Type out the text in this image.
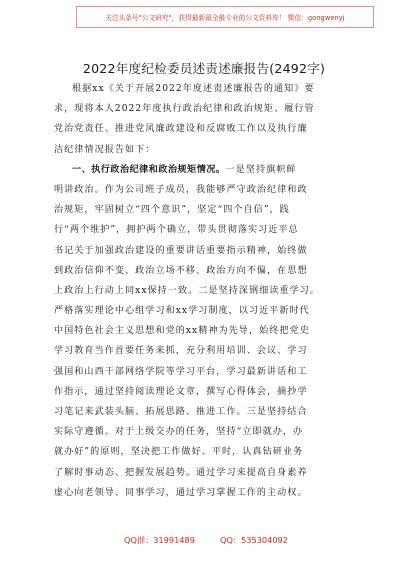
关注头条号"公文研究"，获得最新最全最专业的公文资料库！ 微信：gongwenyj
2022年度纪检委员述责述廉报告(2492字)
根据xx《关于开展2022年度述责述廉报告的通知》要
求，现将本人2022年度执行政治纪律和政治规矩、履行管
党治党责任、推进党风廉政建设和反腐败工作以及执行廉
洁纪律情况报告如下：
一、执行政治纪律和政治规矩情况。一是坚持旗帜鲜
明讲政治。作为公司班子成员，我能够严守政治纪律和政
治规矩，牢固树立“四个意识”，坚定“四个自信”，践
行“两个维护”，拥护两个确立，带头贯彻落实习近平总
书记关于加强政治建设的重要讲话重要指示精神，始终做
到政治信仰不变、政治立场不移、政治方向不偏，在思想
上政治上行动上同xx保持一致。二是坚持深钢细读重学习。
严格落实理论中心组学习和xx学习制度，以习近平新时代
中国特色社会主义思想和党的xx精神为先导，始终把党史
学习教育当作首要任务来抓，充分利用培训、会议、学习
强国和山西干部网络学院等学习平台，学习最新讲话和工
作指示，通过坚持阅读理论文章，撰写心得体会，摘抄学
习笔记来武装头脑、拓展思路、推进工作。三是坚持结合
实际守遵循。对于上级交办的任务，坚持“立即就办，办
就办好”的原则，坚决把工作做好。平时，认真钻研业务
了解时事动态、把握发展趋势。通过学习来提高自身素养
虚心向老领导、同事学习，通过学习掌握工作的主动权。
QQ群：31991489	QQ：535304092
